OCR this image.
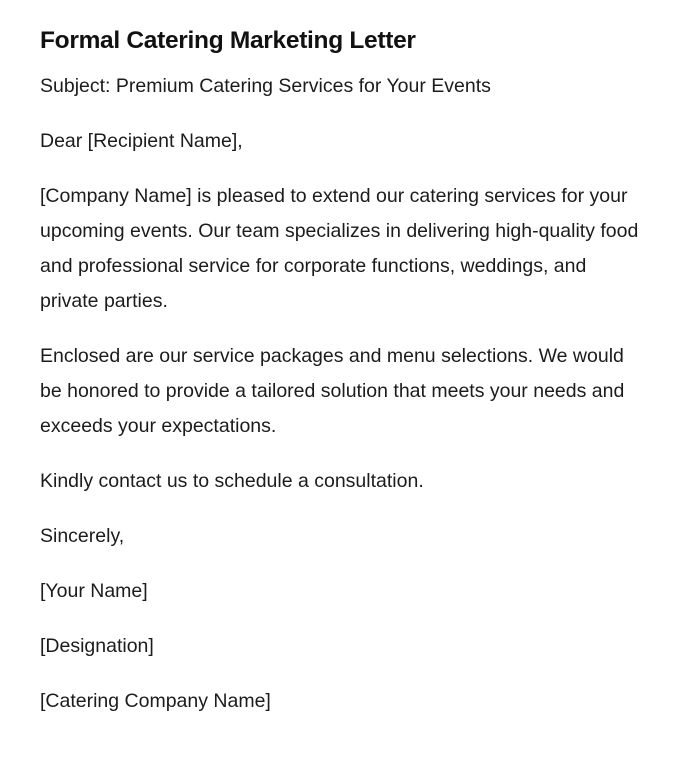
Formal Catering Marketing Letter

Subject: Premium Catering Services for Your Events

Dear [Recipient Name],

[Company Name] is pleased to extend our catering services for your upcoming events. Our team specializes in delivering high-quality food and professional service for corporate functions, weddings, and private parties.

Enclosed are our service packages and menu selections. We would be honored to provide a tailored solution that meets your needs and exceeds your expectations.

Kindly contact us to schedule a consultation.

Sincerely,

[Your Name]

[Designation]

[Catering Company Name]
